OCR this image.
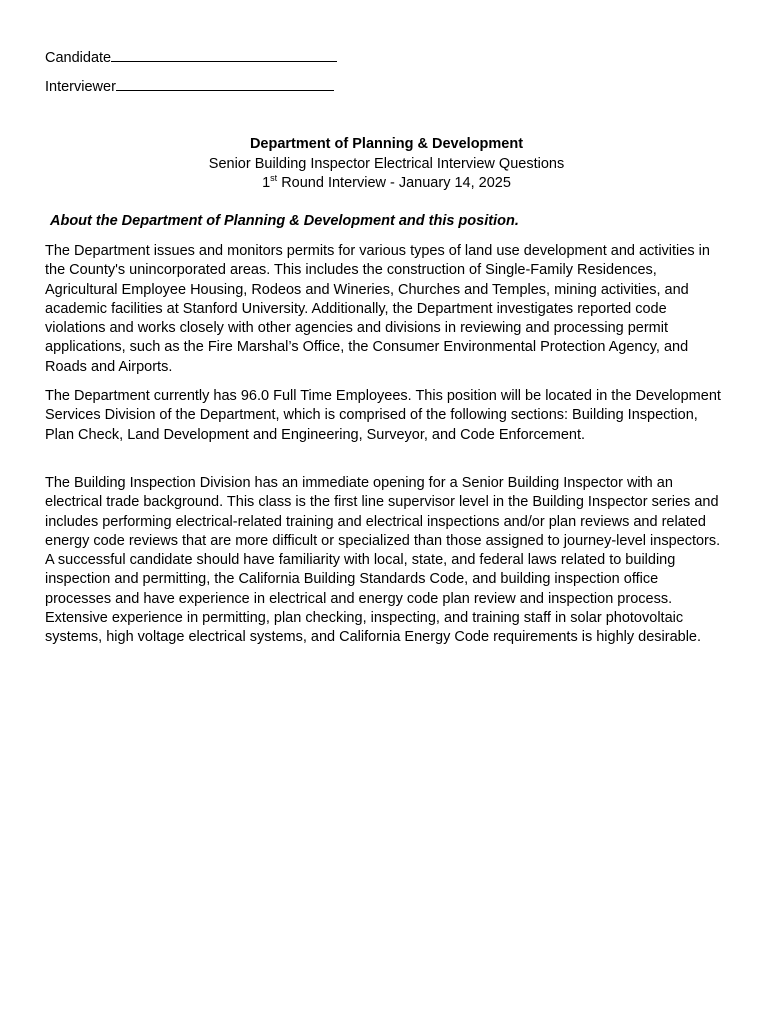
Candidate
Interviewer
Department of Planning & Development
Senior Building Inspector Electrical Interview Questions
1st Round Interview - January 14, 2025
About the Department of Planning & Development and this position.

The Department issues and monitors permits for various types of land use development and activities in the County's unincorporated areas. This includes the construction of Single-Family Residences, Agricultural Employee Housing, Rodeos and Wineries, Churches and Temples, mining activities, and academic facilities at Stanford University. Additionally, the Department investigates reported code violations and works closely with other agencies and divisions in reviewing and processing permit applications, such as the Fire Marshal’s Office, the Consumer Environmental Protection Agency, and Roads and Airports.

The Department currently has 96.0 Full Time Employees. This position will be located in the Development Services Division of the Department, which is comprised of the following sections: Building Inspection, Plan Check, Land Development and Engineering, Surveyor, and Code Enforcement.

The Building Inspection Division has an immediate opening for a Senior Building Inspector with an electrical trade background. This class is the first line supervisor level in the Building Inspector series and includes performing electrical-related training and electrical inspections and/or plan reviews and related energy code reviews that are more difficult or specialized than those assigned to journey-level inspectors. A successful candidate should have familiarity with local, state, and federal laws related to building inspection and permitting, the California Building Standards Code, and building inspection office processes and have experience in electrical and energy code plan review and inspection process. Extensive experience in permitting, plan checking, inspecting, and training staff in solar photovoltaic systems, high voltage electrical systems, and California Energy Code requirements is highly desirable.
